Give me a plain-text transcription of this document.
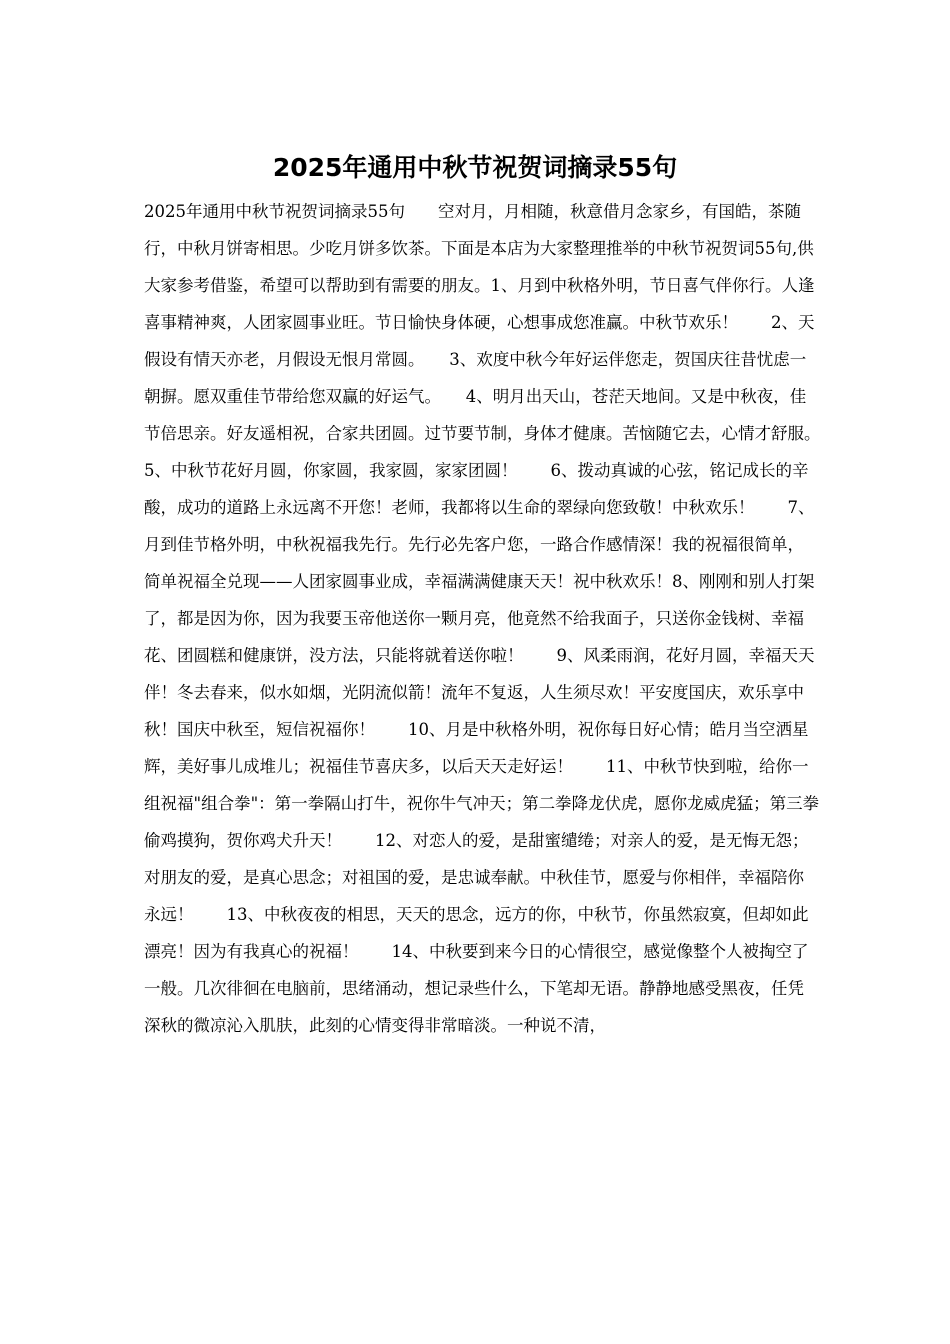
2025年通用中秋节祝贺词摘录55句

2025年通用中秋节祝贺词摘录55句　　空对月，月相随，秋意借月念家乡，有国皓，茶随行，中秋月饼寄相思。少吃月饼多饮茶。下面是本店为大家整理推举的中秋节祝贺词55句,供大家参考借鉴，希望可以帮助到有需要的朋友。1、月到中秋格外明，节日喜气伴你行。人逢喜事精神爽，人团家圆事业旺。节日愉快身体硬，心想事成您准赢。中秋节欢乐！　　2、天假设有情天亦老，月假设无恨月常圆。　　3、欢度中秋今年好运伴您走，贺国庆往昔忧虑一朝摒。愿双重佳节带给您双赢的好运气。　　4、明月出天山，苍茫天地间。又是中秋夜，佳节倍思亲。好友遥相祝，合家共团圆。过节要节制，身体才健康。苦恼随它去，心情才舒服。　　5、中秋节花好月圆，你家圆，我家圆，家家团圆！　　6、拨动真诚的心弦，铭记成长的辛酸，成功的道路上永远离不开您！老师，我都将以生命的翠绿向您致敬！中秋欢乐！　　7、月到佳节格外明，中秋祝福我先行。先行必先客户您，一路合作感情深！我的祝福很简单，简单祝福全兑现——人团家圆事业成，幸福满满健康天天！祝中秋欢乐！8、刚刚和别人打架了，都是因为你，因为我要玉帝他送你一颗月亮，他竟然不给我面子，只送你金钱树、幸福花、团圆糕和健康饼，没方法，只能将就着送你啦！　　9、风柔雨润，花好月圆，幸福天天伴！冬去春来，似水如烟，光阴流似箭！流年不复返，人生须尽欢！平安度国庆，欢乐享中秋！国庆中秋至，短信祝福你！　　10、月是中秋格外明，祝你每日好心情；皓月当空洒星辉，美好事儿成堆儿；祝福佳节喜庆多，以后天天走好运！　　11、中秋节快到啦，给你一组祝福"组合拳"：第一拳隔山打牛，祝你牛气冲天；第二拳降龙伏虎，愿你龙威虎猛；第三拳偷鸡摸狗，贺你鸡犬升天！　　12、对恋人的爱，是甜蜜缱绻；对亲人的爱，是无悔无怨；对朋友的爱，是真心思念；对祖国的爱，是忠诚奉献。中秋佳节，愿爱与你相伴，幸福陪你永远！　　13、中秋夜夜的相思，天天的思念，远方的你，中秋节，你虽然寂寞，但却如此漂亮！因为有我真心的祝福！　　14、中秋要到来今日的心情很空，感觉像整个人被掏空了一般。几次徘徊在电脑前，思绪涌动，想记录些什么，下笔却无语。静静地感受黑夜，任凭深秋的微凉沁入肌肤，此刻的心情变得非常暗淡。一种说不清，
